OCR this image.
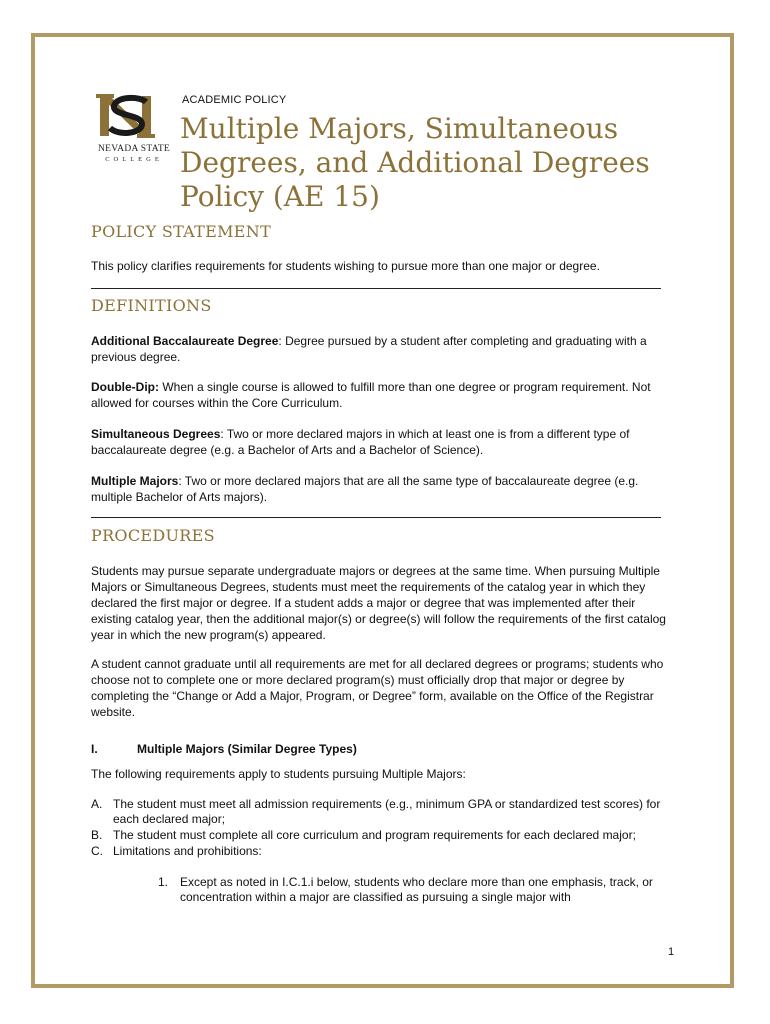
NEVADA STATE
COLLEGE
ACADEMIC POLICY
Multiple Majors, Simultaneous Degrees, and Additional Degrees Policy (AE 15)
POLICY STATEMENT

This policy clarifies requirements for students wishing to pursue more than one major or degree.

DEFINITIONS

Additional Baccalaureate Degree: Degree pursued by a student after completing and graduating with a previous degree.

Double-Dip: When a single course is allowed to fulfill more than one degree or program requirement. Not allowed for courses within the Core Curriculum.

Simultaneous Degrees: Two or more declared majors in which at least one is from a different type of baccalaureate degree (e.g. a Bachelor of Arts and a Bachelor of Science).

Multiple Majors: Two or more declared majors that are all the same type of baccalaureate degree (e.g. multiple Bachelor of Arts majors).

PROCEDURES

Students may pursue separate undergraduate majors or degrees at the same time. When pursuing Multiple Majors or Simultaneous Degrees, students must meet the requirements of the catalog year in which they declared the first major or degree. If a student adds a major or degree that was implemented after their existing catalog year, then the additional major(s) or degree(s) will follow the requirements of the first catalog year in which the new program(s) appeared.

A student cannot graduate until all requirements are met for all declared degrees or programs; students who choose not to complete one or more declared program(s) must officially drop that major or degree by completing the “Change or Add a Major, Program, or Degree” form, available on the Office of the Registrar website.

I.	Multiple Majors (Similar Degree Types)

The following requirements apply to students pursuing Multiple Majors:

A. The student must meet all admission requirements (e.g., minimum GPA or standardized test scores) for each declared major;
B. The student must complete all core curriculum and program requirements for each declared major;
C. Limitations and prohibitions:
1. Except as noted in I.C.1.i below, students who declare more than one emphasis, track, or concentration within a major are classified as pursuing a single major with
1
